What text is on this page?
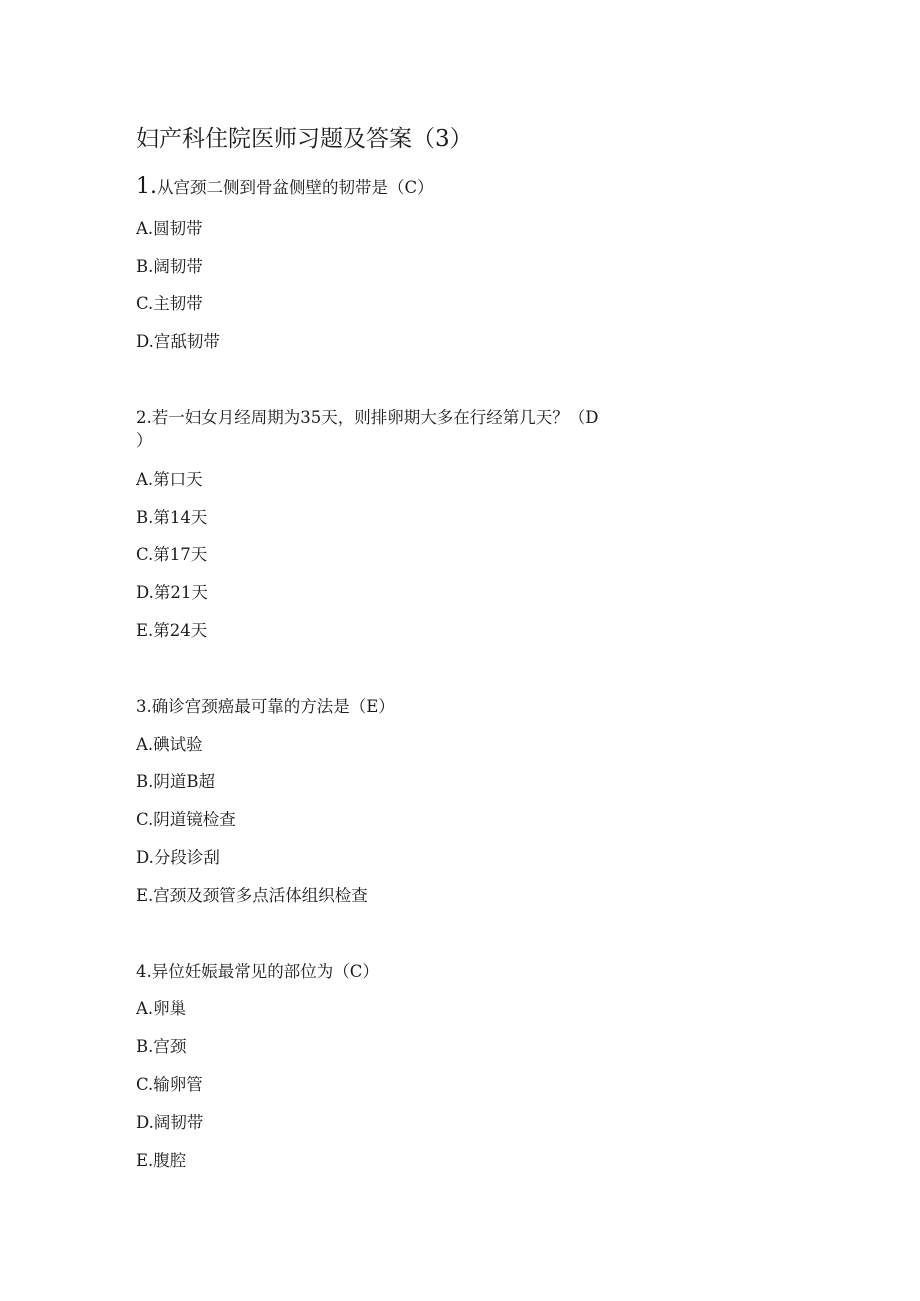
妇产科住院医师习题及答案（3）
1.从宫颈二侧到骨盆侧壁的韧带是（C）
A.圆韧带
B.阔韧带
C.主韧带
D.宫舐韧带
2.若一妇女月经周期为35天，则排卵期大多在行经第几天？（D
）
A.第口天
B.第14天
C.第17天
D.第21天
E.第24天
3.确诊宫颈癌最可靠的方法是（E）
A.碘试验
B.阴道B超
C.阴道镜检查
D.分段诊刮
E.宫颈及颈管多点活体组织检查
4.异位妊娠最常见的部位为（C）
A.卵巢
B.宫颈
C.输卵管
D.阔韧带
E.腹腔
